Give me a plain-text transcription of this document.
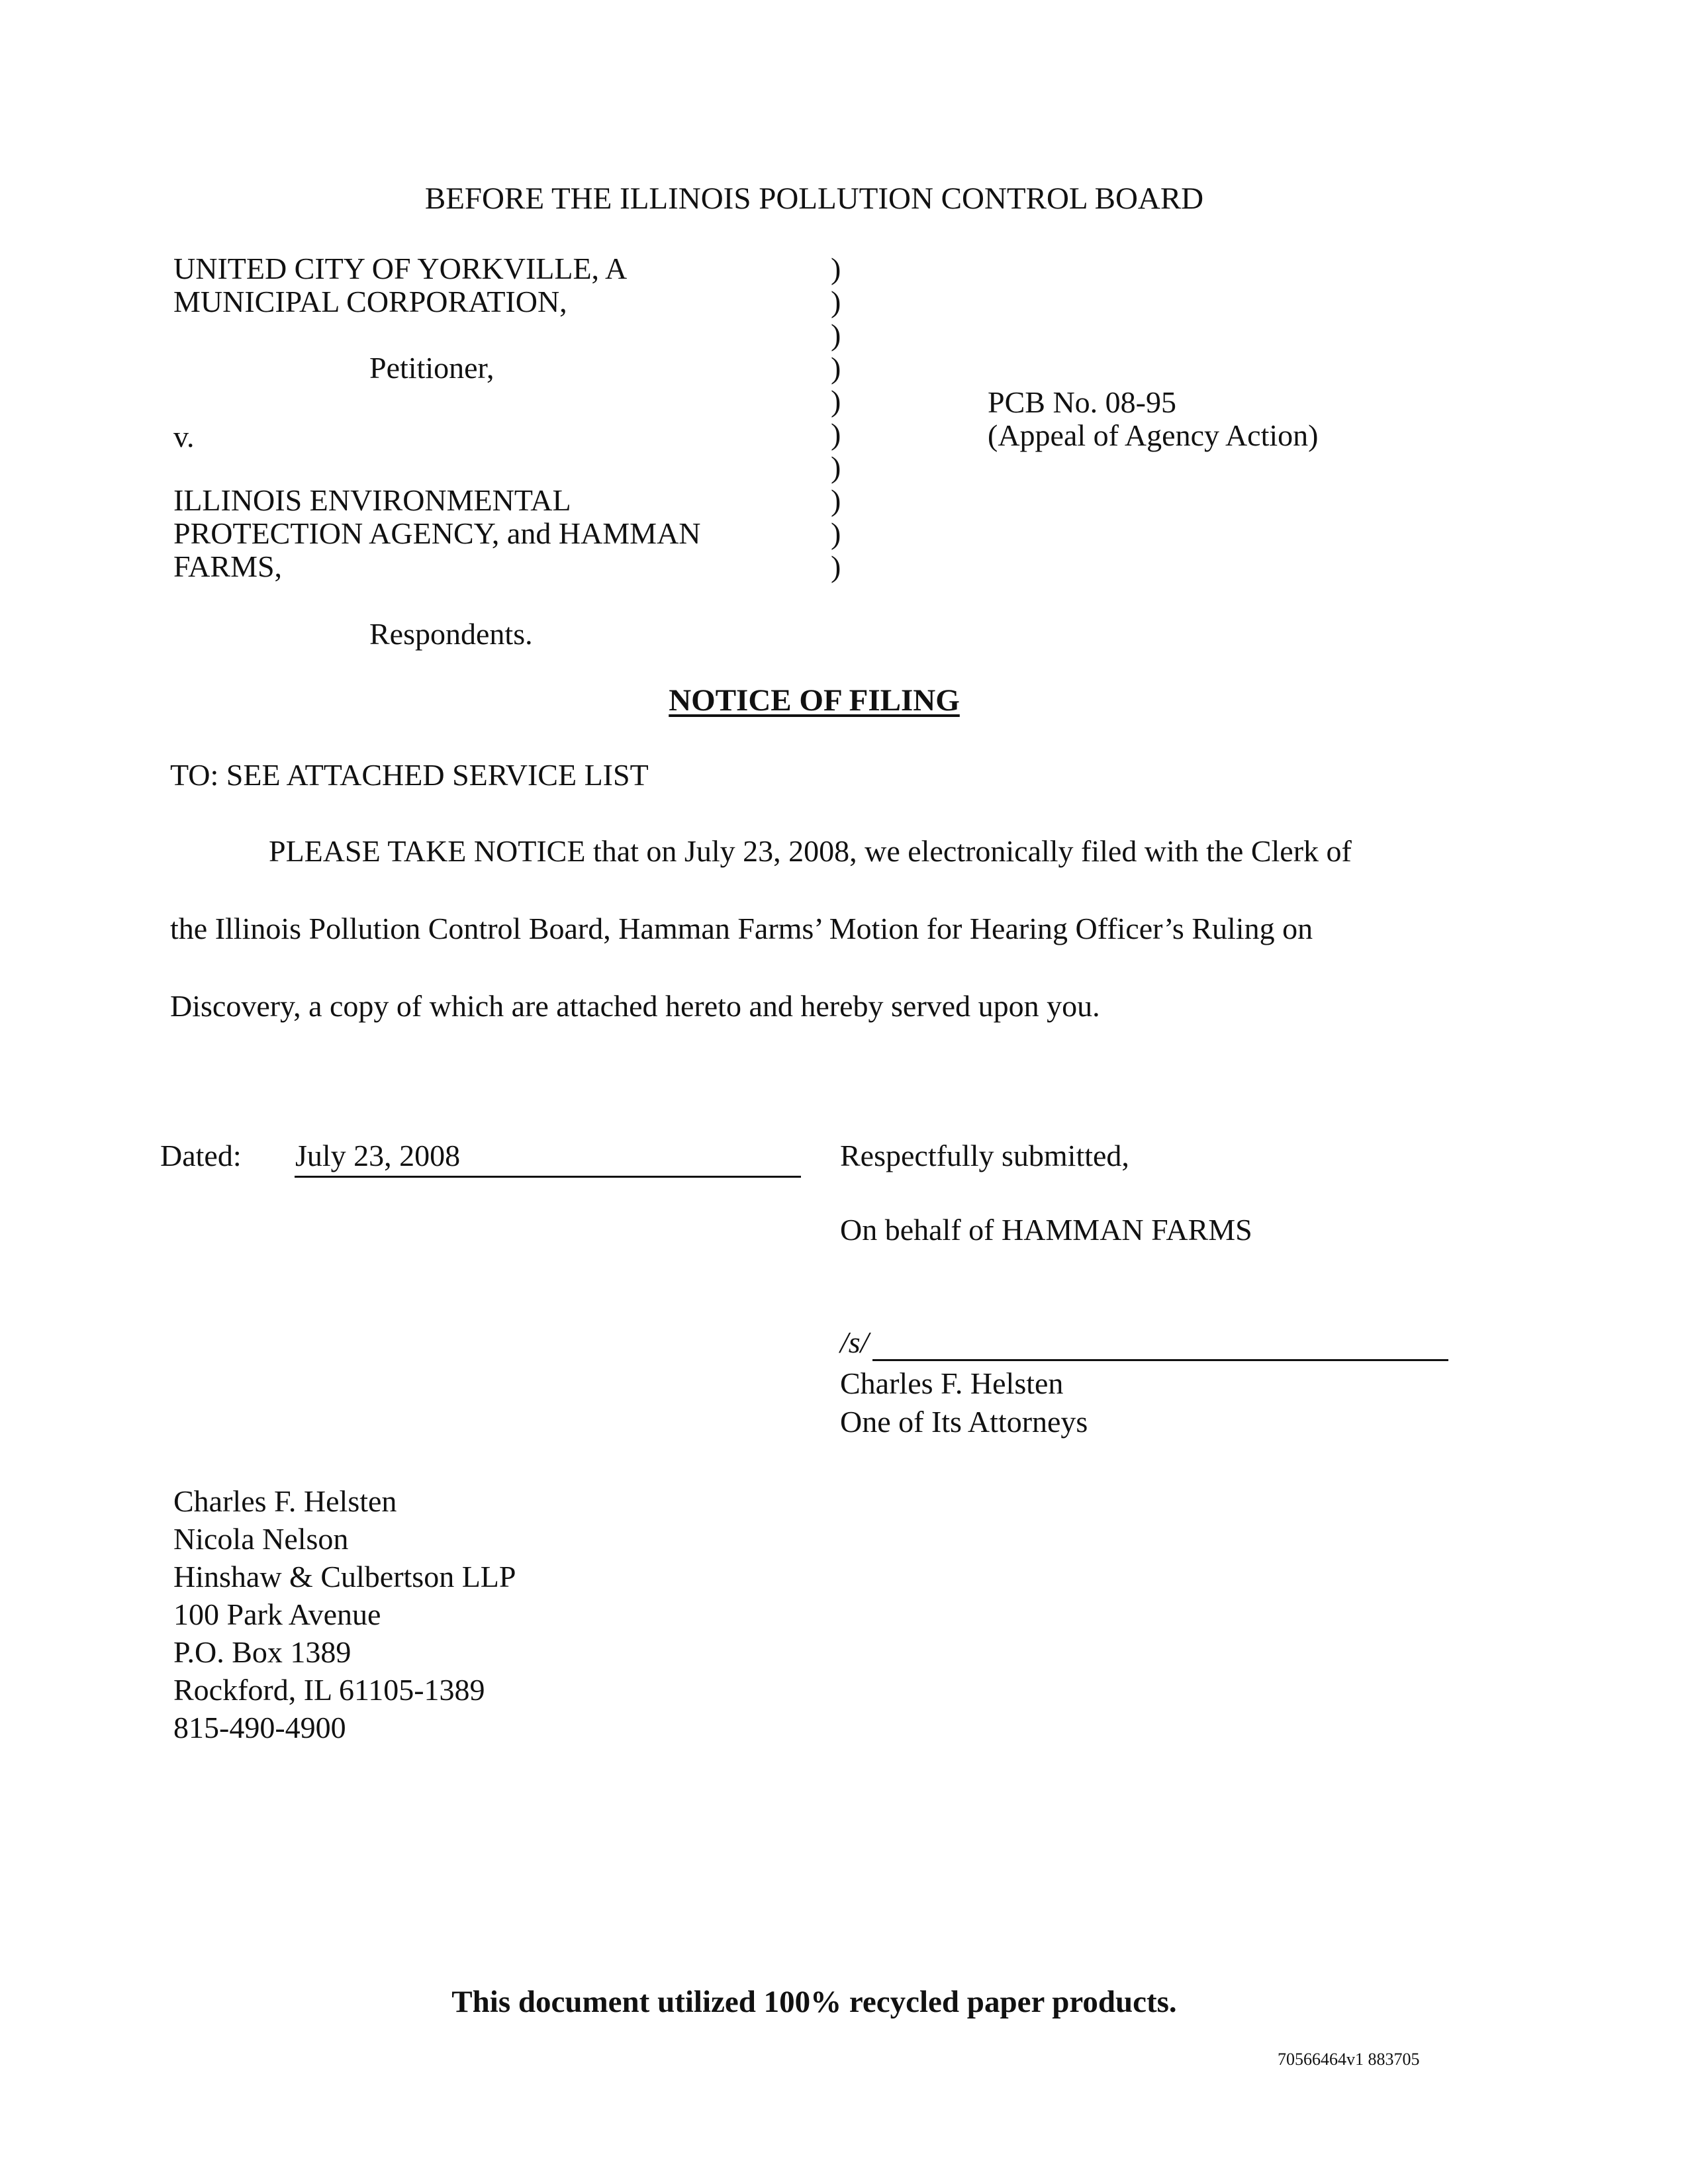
BEFORE THE ILLINOIS POLLUTION CONTROL BOARD
UNITED CITY OF YORKVILLE, A
MUNICIPAL CORPORATION,
Petitioner,
v.
ILLINOIS ENVIRONMENTAL
PROTECTION AGENCY, and HAMMAN
FARMS,
Respondents.
)
)
)
)
)
)
)
)
)
)
PCB No. 08-95
(Appeal of Agency Action)
NOTICE OF FILING
TO: SEE ATTACHED SERVICE LIST
PLEASE TAKE NOTICE that on July 23, 2008, we electronically filed with the Clerk of
the Illinois Pollution Control Board, Hamman Farms’ Motion for Hearing Officer’s Ruling on
Discovery, a copy of which are attached hereto and hereby served upon you.
Dated: July 23, 2008	Respectfully submitted,
On behalf of HAMMAN FARMS
/s/
Charles F. Helsten
One of Its Attorneys
Charles F. Helsten
Nicola Nelson
Hinshaw & Culbertson LLP
100 Park Avenue
P.O. Box 1389
Rockford, IL 61105-1389
815-490-4900
This document utilized 100% recycled paper products.
70566464v1 883705
